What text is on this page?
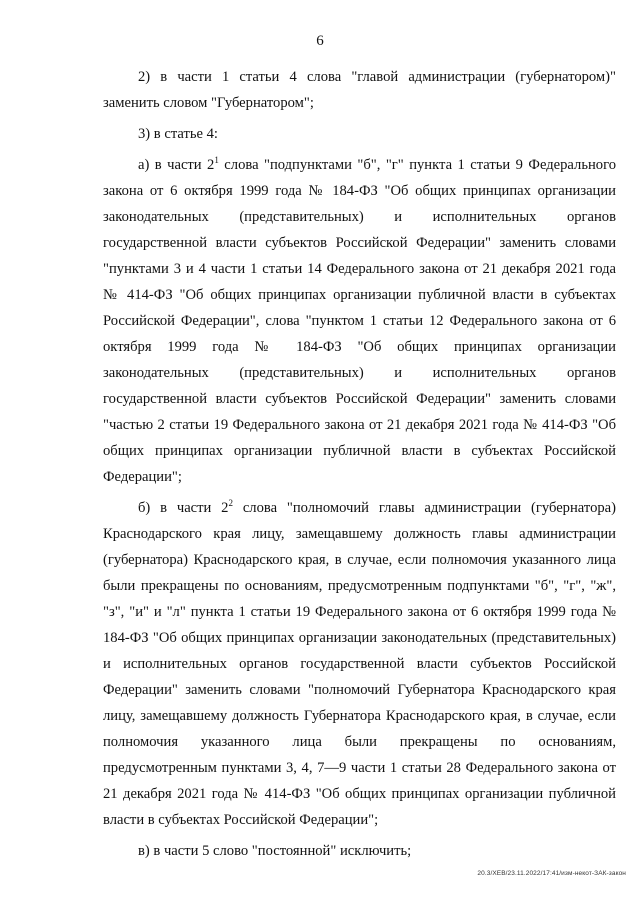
6

2) в части 1 статьи 4 слова "главой администрации (губернатором)" заменить словом "Губернатором";

3) в статье 4:

а) в части $2^1$ слова "подпунктами "б", "г" пункта 1 статьи 9 Федерального закона от 6 октября 1999 года № 184-ФЗ "Об общих принципах организации законодательных (представительных) и исполнительных органов государственной власти субъектов Российской Федерации" заменить словами "пунктами 3 и 4 части 1 статьи 14 Федерального закона от 21 декабря 2021 года № 414-ФЗ "Об общих принципах организации публичной власти в субъектах Российской Федерации", слова "пунктом 1 статьи 12 Федерального закона от 6 октября 1999 года № 184-ФЗ "Об общих принципах организации законодательных (представительных) и исполнительных органов государственной власти субъектов Российской Федерации" заменить словами "частью 2 статьи 19 Федерального закона от 21 декабря 2021 года № 414-ФЗ "Об общих принципах организации публичной власти в субъектах Российской Федерации";

б) в части $2^2$ слова "полномочий главы администрации (губернатора) Краснодарского края лицу, замещавшему должность главы администрации (губернатора) Краснодарского края, в случае, если полномочия указанного лица были прекращены по основаниям, предусмотренным подпунктами "б", "г", "ж", "з", "и" и "л" пункта 1 статьи 19 Федерального закона от 6 октября 1999 года № 184-ФЗ "Об общих принципах организации законодательных (представительных) и исполнительных органов государственной власти субъектов Российской Федерации" заменить словами "полномочий Губернатора Краснодарского края лицу, замещавшему должность Губернатора Краснодарского края, в случае, если полномочия указанного лица были прекращены по основаниям, предусмотренным пунктами 3, 4, 7—9 части 1 статьи 28 Федерального закона от 21 декабря 2021 года № 414-ФЗ "Об общих принципах организации публичной власти в субъектах Российской Федерации";

в) в части 5 слово "постоянной" исключить;

20.3/ХЕВ/23.11.2022/17:41/изм-некот-ЗАК-закон
